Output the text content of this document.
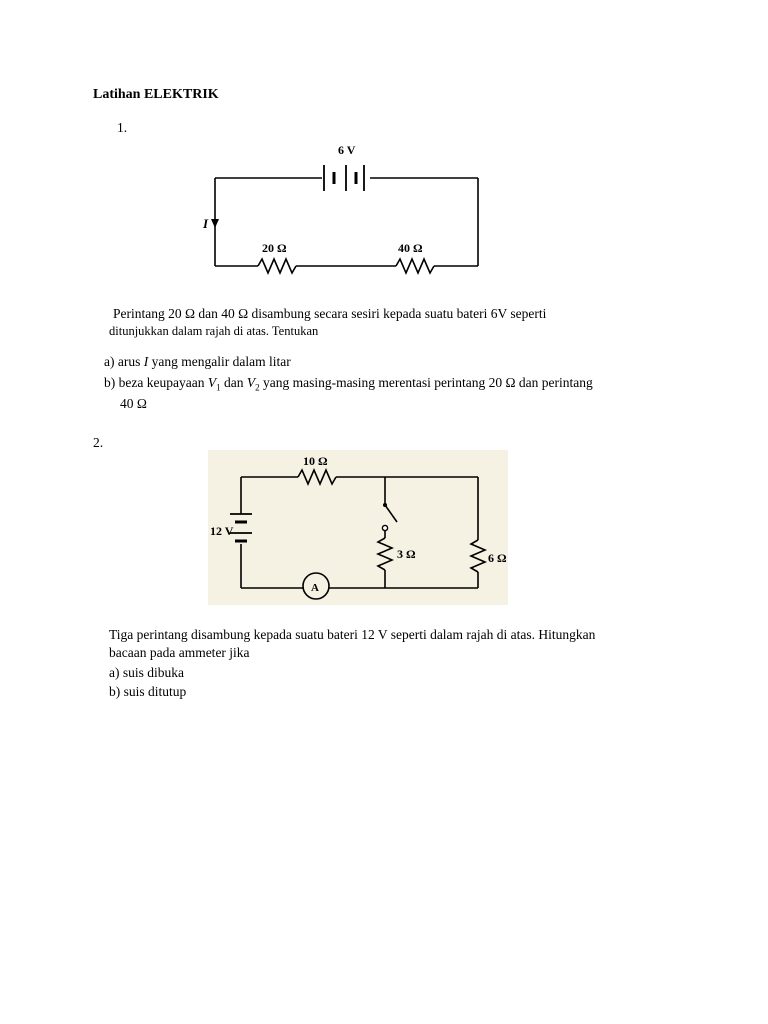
Latihan ELEKTRIK
1.
6 V
I
20 Ω	40 Ω
Perintang 20 Ω dan 40 Ω disambung secara sesiri kepada suatu bateri 6V seperti
ditunjukkan dalam rajah di atas. Tentukan
a) arus I yang mengalir dalam litar
b) beza keupayaan $V_1$ dan $V_2$ yang masing-masing merentasi perintang 20 Ω dan perintang
40 Ω
2.
10 Ω
12 V
3 Ω	6 Ω
A
Tiga perintang disambung kepada suatu bateri 12 V seperti dalam rajah di atas. Hitungkan
bacaan pada ammeter jika
a) suis dibuka
b) suis ditutup
